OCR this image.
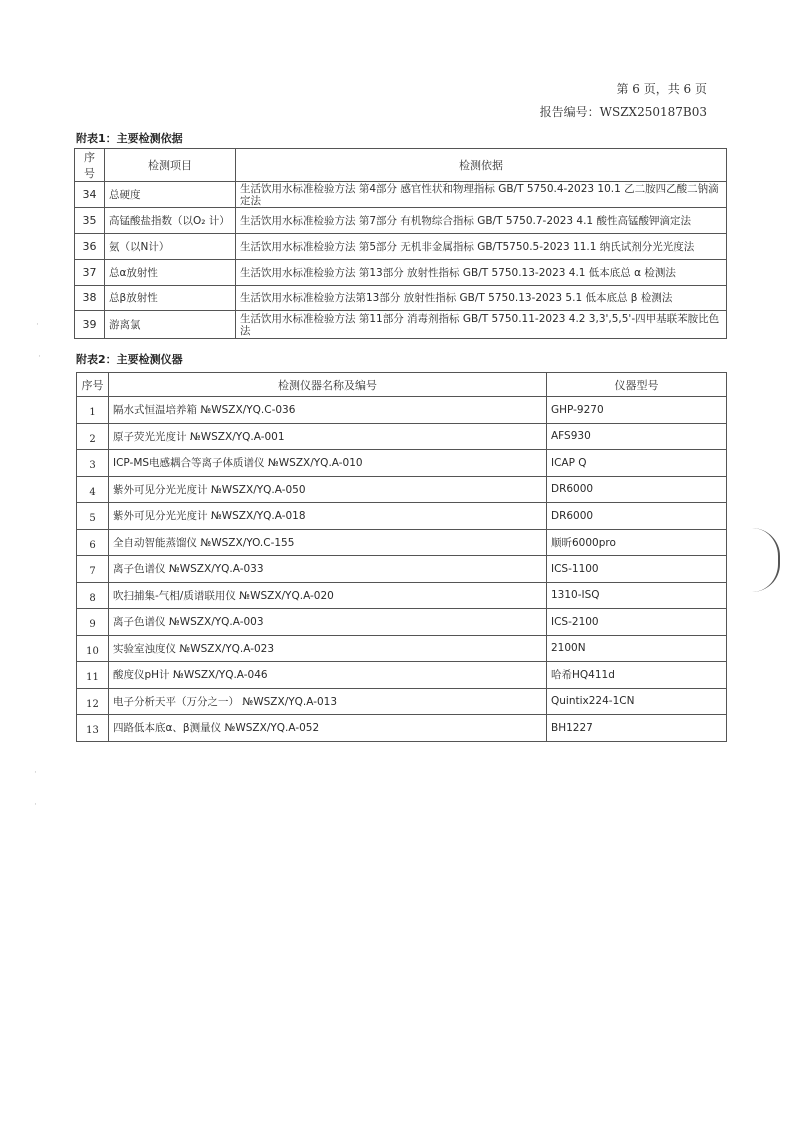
第 6 页，共 6 页
报告编号：WSZX250187B03
附表1：主要检测依据
序号	检测项目	检测依据
34	总硬度	生活饮用水标准检验方法 第4部分 感官性状和物理指标 GB/T 5750.4-2023 10.1 乙二胺四乙酸二钠滴定法
35	高锰酸盐指数（以O₂ 计）	生活饮用水标准检验方法 第7部分 有机物综合指标 GB/T 5750.7-2023 4.1 酸性高锰酸钾滴定法
36	氨（以N计）	生活饮用水标准检验方法 第5部分 无机非金属指标 GB/T5750.5-2023 11.1 纳氏试剂分光光度法
37	总α放射性	生活饮用水标准检验方法 第13部分 放射性指标 GB/T 5750.13-2023 4.1 低本底总 α 检测法
38	总β放射性	生活饮用水标准检验方法第13部分 放射性指标 GB/T 5750.13-2023 5.1 低本底总 β 检测法
39	游离氯	生活饮用水标准检验方法 第11部分 消毒剂指标 GB/T 5750.11-2023 4.2 3,3',5,5'-四甲基联苯胺比色法
附表2：主要检测仪器
序号	检测仪器名称及编号	仪器型号
1	隔水式恒温培养箱 №WSZX/YQ.C-036	GHP-9270
2	原子荧光光度计 №WSZX/YQ.A-001	AFS930
3	ICP-MS电感耦合等离子体质谱仪 №WSZX/YQ.A-010	ICAP Q
4	紫外可见分光光度计 №WSZX/YQ.A-050	DR6000
5	紫外可见分光光度计 №WSZX/YQ.A-018	DR6000
6	全自动智能蒸馏仪 №WSZX/YO.C-155	顺昕6000pro
7	离子色谱仪 №WSZX/YQ.A-033	ICS-1100
8	吹扫捕集-气相/质谱联用仪 №WSZX/YQ.A-020	1310-ISQ
9	离子色谱仪 №WSZX/YQ.A-003	ICS-2100
10	实验室浊度仪 №WSZX/YQ.A-023	2100N
11	酸度仪pH计 №WSZX/YQ.A-046	哈希HQ411d
12	电子分析天平（万分之一） №WSZX/YQ.A-013	Quintix224-1CN
13	四路低本底α、β测量仪 №WSZX/YQ.A-052	BH1227
·
·
·
·
